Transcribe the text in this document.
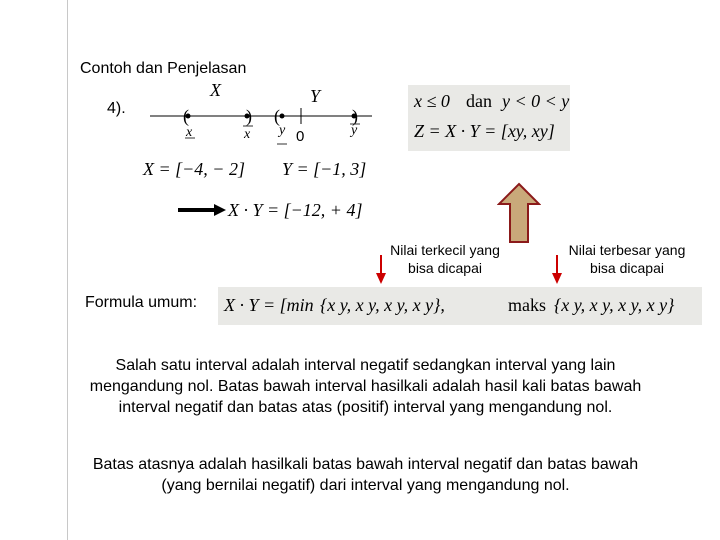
Contoh dan Penjelasan
4).	(	) (	)
X	Y
x	x y 0	y
X = [−4, − 2] Y = [−1, 3]
X · Y = [−12, + 4]
x ≤ 0 dan y < 0 < y
Z = X · Y = [xy, xy]
Nilai terkecil yang bisa dicapai
Nilai terbesar yang bisa dicapai
Formula umum: X · Y = [min {x y, x y, x y, x y},	maks {x y, x y, x y, x y}
Salah satu interval adalah interval negatif sedangkan interval yang lain mengandung nol. Batas bawah interval hasilkali adalah hasil kali batas bawah interval negatif dan batas atas (positif) interval yang mengandung nol.
Batas atasnya adalah hasilkali batas bawah interval negatif dan batas bawah (yang bernilai negatif) dari interval yang mengandung nol.
